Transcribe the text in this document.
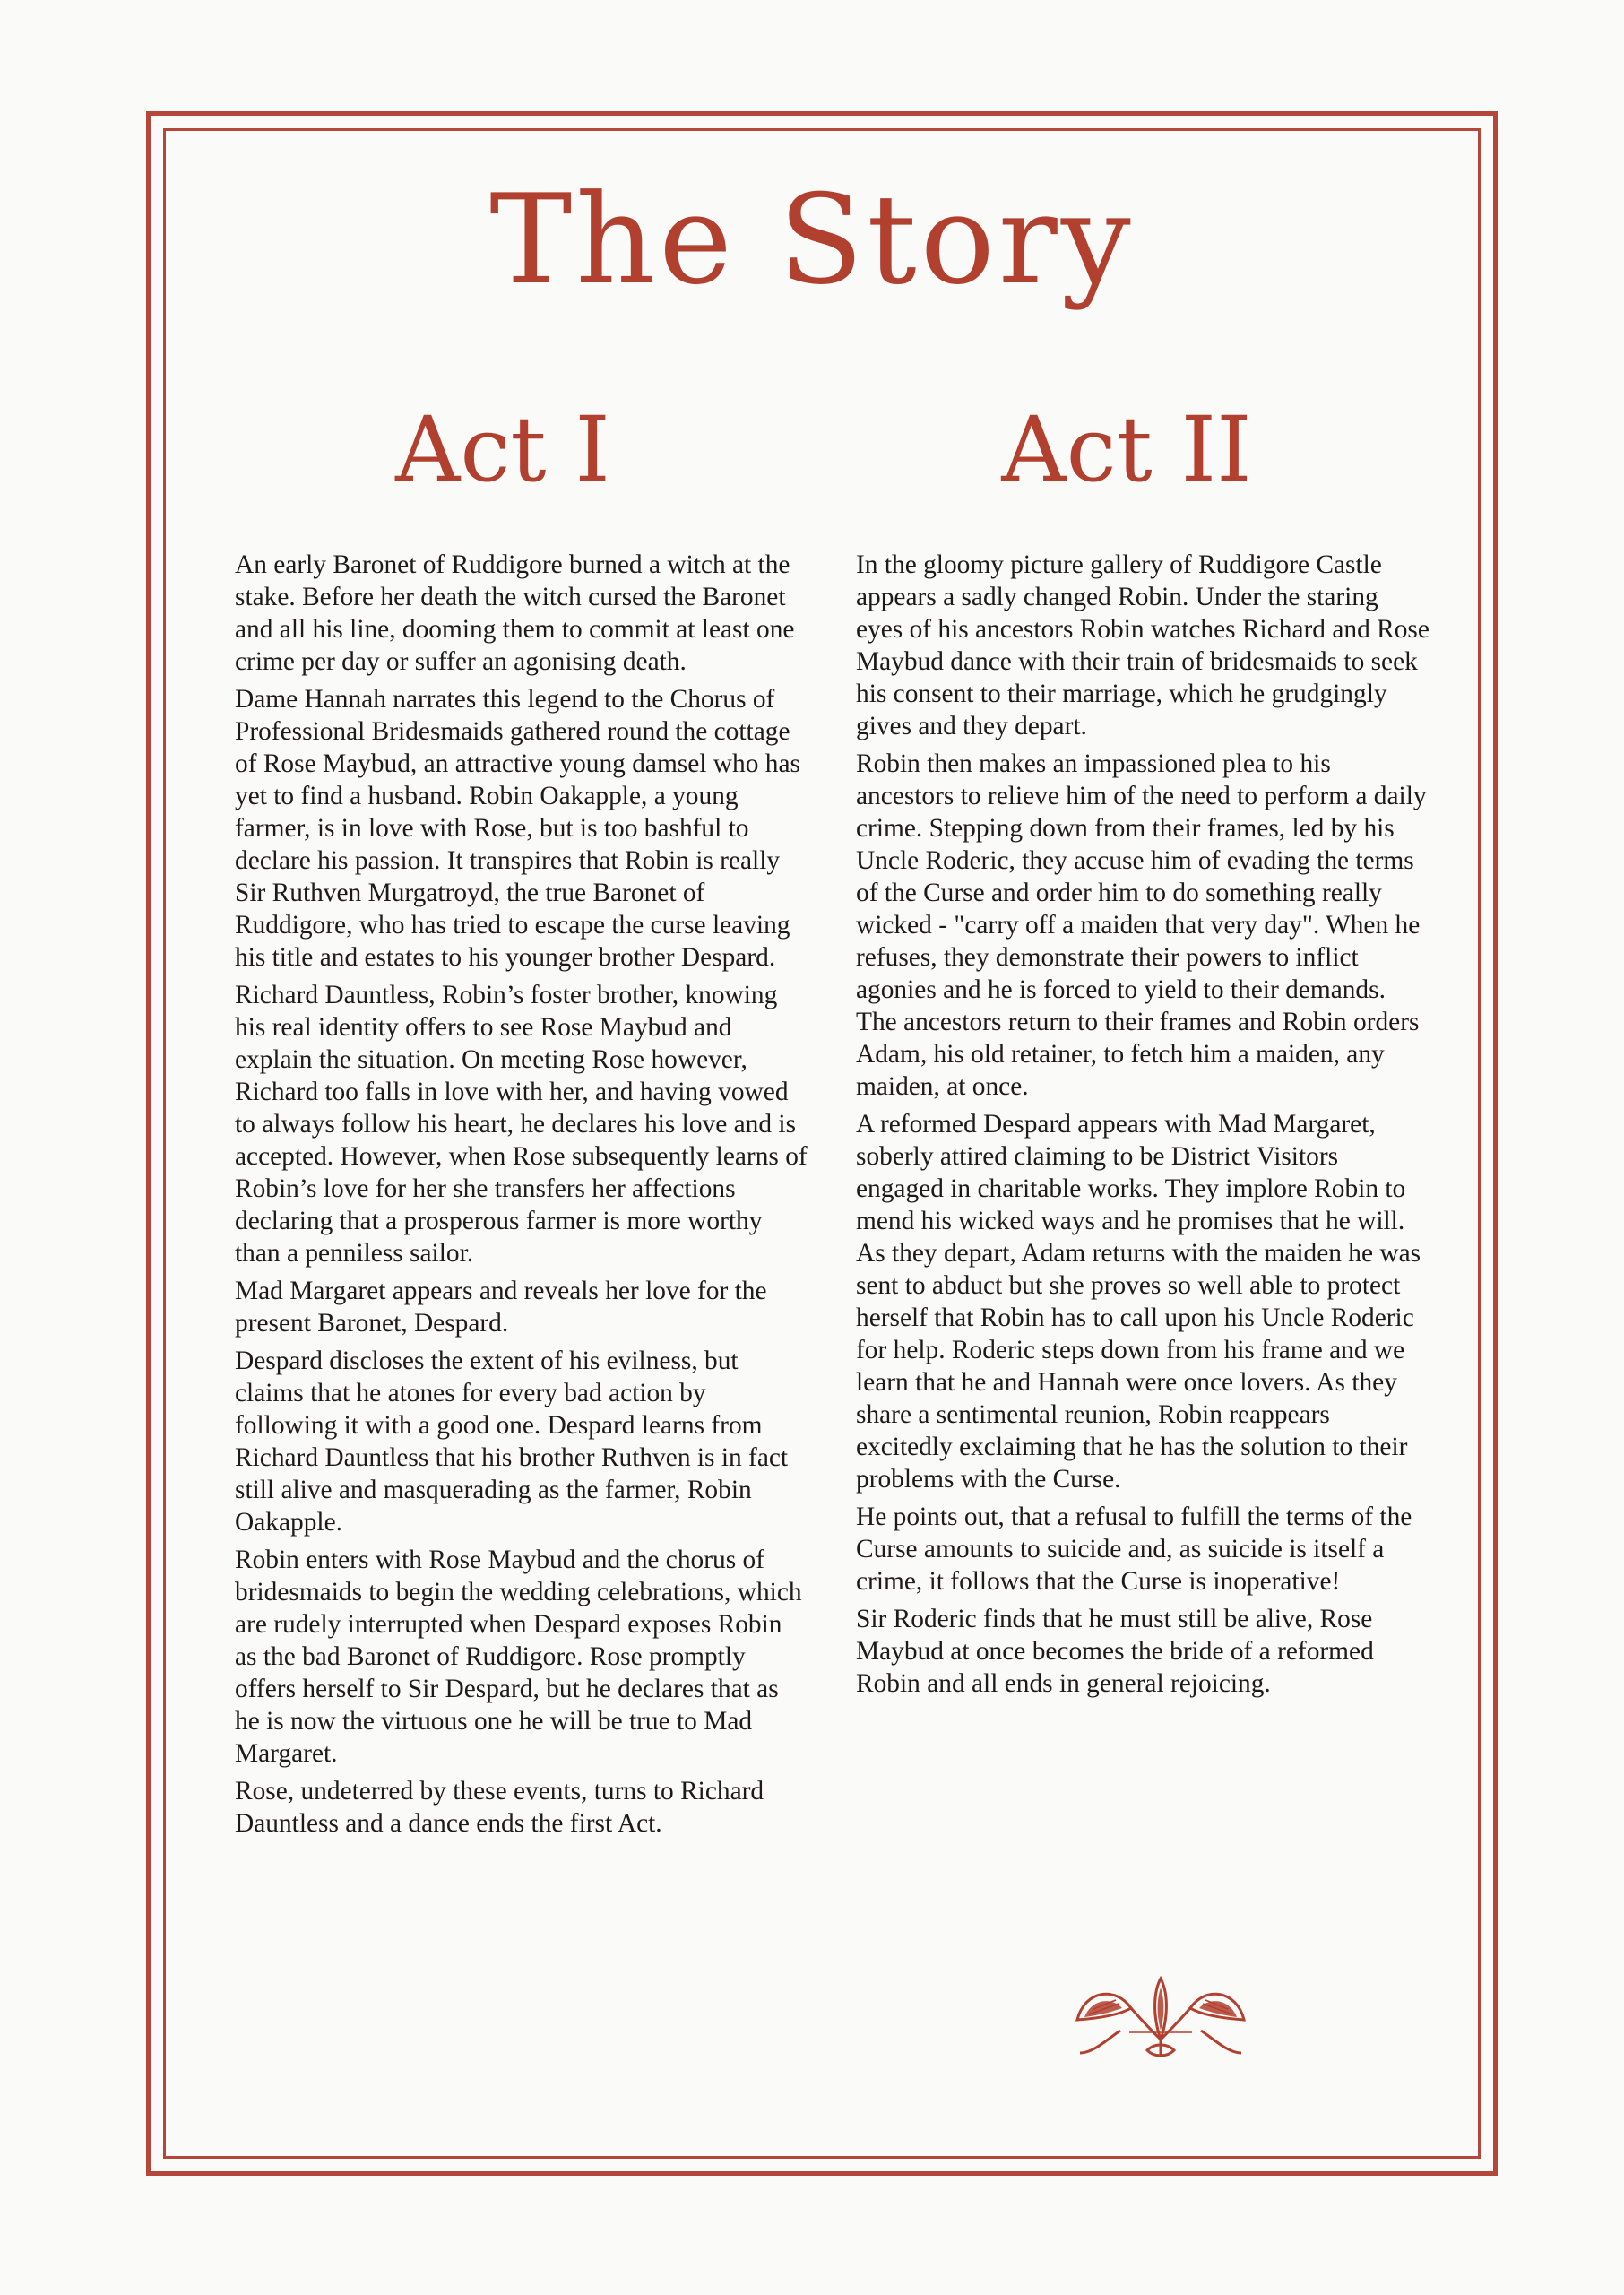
The Story
Act I	Act II

An early Baronet of Ruddigore burned a witch at the stake. Before her death the witch cursed the Baronet and all his line, dooming them to commit at least one crime per day or suffer an agonising death.

Dame Hannah narrates this legend to the Chorus of Professional Bridesmaids gathered round the cottage of Rose Maybud, an attractive young damsel who has yet to find a husband. Robin Oakapple, a young farmer, is in love with Rose, but is too bashful to declare his passion. It transpires that Robin is really Sir Ruthven Murgatroyd, the true Baronet of Ruddigore, who has tried to escape the curse leaving his title and estates to his younger brother Despard.

Richard Dauntless, Robin’s foster brother, knowing his real identity offers to see Rose Maybud and explain the situation. On meeting Rose however, Richard too falls in love with her, and having vowed to always follow his heart, he declares his love and is accepted. However, when Rose subsequently learns of Robin’s love for her she transfers her affections declaring that a prosperous farmer is more worthy than a penniless sailor.

Mad Margaret appears and reveals her love for the present Baronet, Despard.

Despard discloses the extent of his evilness, but claims that he atones for every bad action by following it with a good one. Despard learns from Richard Dauntless that his brother Ruthven is in fact still alive and masquerading as the farmer, Robin Oakapple.

Robin enters with Rose Maybud and the chorus of bridesmaids to begin the wedding celebrations, which are rudely interrupted when Despard exposes Robin as the bad Baronet of Ruddigore. Rose promptly offers herself to Sir Despard, but he declares that as he is now the virtuous one he will be true to Mad Margaret.

Rose, undeterred by these events, turns to Richard Dauntless and a dance ends the first Act.

In the gloomy picture gallery of Ruddigore Castle appears a sadly changed Robin. Under the staring eyes of his ancestors Robin watches Richard and Rose Maybud dance with their train of bridesmaids to seek his consent to their marriage, which he grudgingly gives and they depart.

Robin then makes an impassioned plea to his ancestors to relieve him of the need to perform a daily crime. Stepping down from their frames, led by his Uncle Roderic, they accuse him of evading the terms of the Curse and order him to do something really wicked - "carry off a maiden that very day". When he refuses, they demonstrate their powers to inflict agonies and he is forced to yield to their demands. The ancestors return to their frames and Robin orders Adam, his old retainer, to fetch him a maiden, any maiden, at once.

A reformed Despard appears with Mad Margaret, soberly attired claiming to be District Visitors engaged in charitable works. They implore Robin to mend his wicked ways and he promises that he will. As they depart, Adam returns with the maiden he was sent to abduct but she proves so well able to protect herself that Robin has to call upon his Uncle Roderic for help. Roderic steps down from his frame and we learn that he and Hannah were once lovers. As they share a sentimental reunion, Robin reappears excitedly exclaiming that he has the solution to their problems with the Curse.

He points out, that a refusal to fulfill the terms of the Curse amounts to suicide and, as suicide is itself a crime, it follows that the Curse is inoperative!

Sir Roderic finds that he must still be alive, Rose Maybud at once becomes the bride of a reformed Robin and all ends in general rejoicing.
